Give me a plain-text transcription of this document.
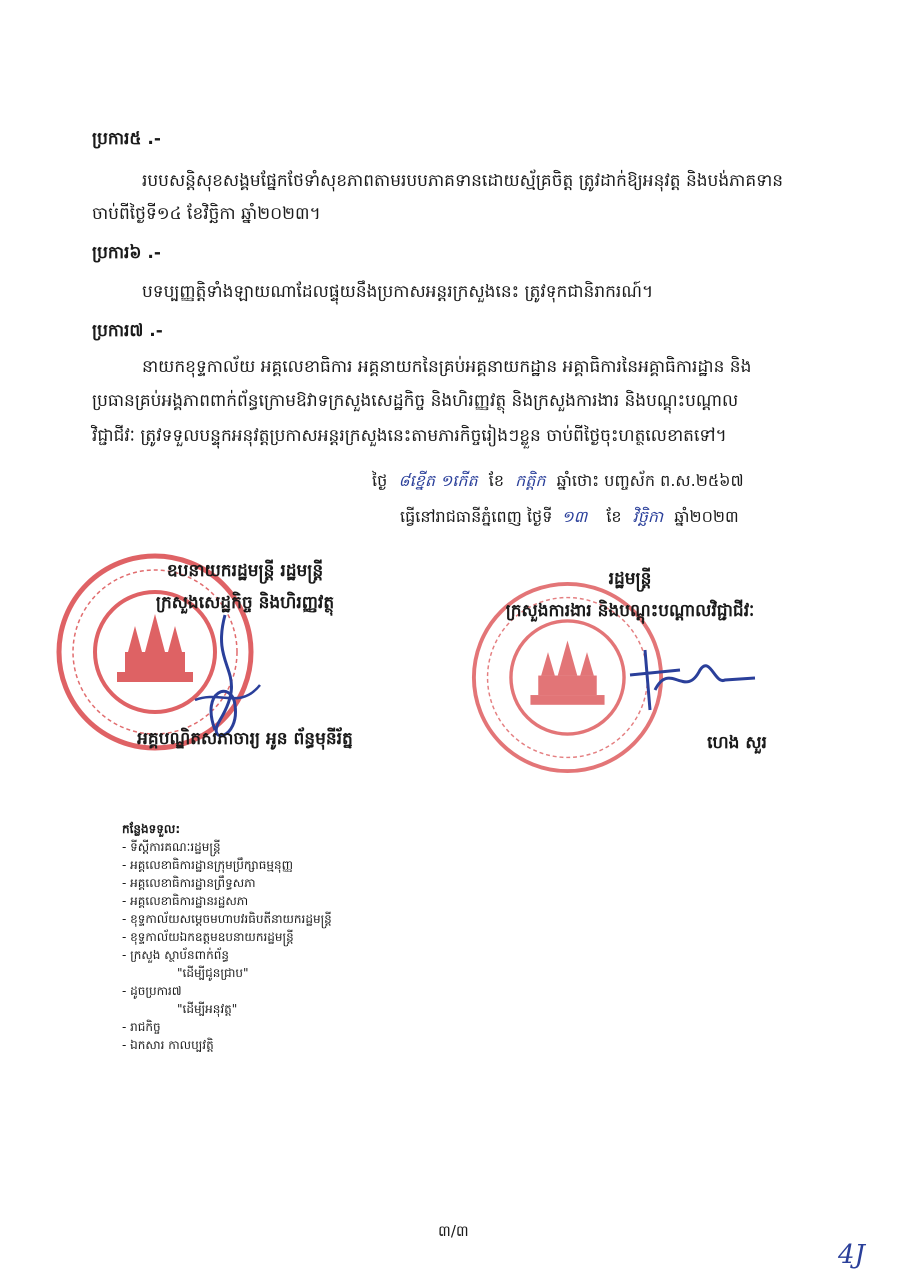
ប្រការ៥ .-
របបសន្តិសុខសង្គមផ្នែកថែទាំសុខភាពតាមរបបភាគទានដោយស្ម័គ្រចិត្ត ត្រូវដាក់ឱ្យអនុវត្ត និងបង់ភាគទាន
ចាប់ពីថ្ងៃទី១៤ ខែវិច្ឆិកា ឆ្នាំ២០២៣។
ប្រការ៦ .-
បទប្បញ្ញត្តិទាំងឡាយណាដែលផ្ទុយនឹងប្រកាសអន្តរក្រសួងនេះ ត្រូវទុកជានិរាករណ៍។
ប្រការ៧ .-
នាយកខុទ្ទកាល័យ អគ្គលេខាធិការ អគ្គនាយកនៃគ្រប់អគ្គនាយកដ្ឋាន អគ្គាធិការនៃអគ្គាធិការដ្ឋាន និង
ប្រធានគ្រប់អង្គភាពពាក់ព័ន្ធក្រោមឱវាទក្រសួងសេដ្ឋកិច្ច និងហិរញ្ញវត្ថុ និងក្រសួងការងារ និងបណ្តុះបណ្តាល
វិជ្ជាជីវៈ ត្រូវទទួលបន្ទុកអនុវត្តប្រកាសអន្តរក្រសួងនេះតាមភារកិច្ចរៀងៗខ្លួន ចាប់ពីថ្ងៃចុះហត្ថលេខាតទៅ។
ថ្ងៃ ៨ខ្នើត ១កើត ខែ កត្តិក ឆ្នាំថោះ បញ្ចស័ក ព.ស.២៥៦៧
ធ្វើនៅរាជធានីភ្នំពេញ ថ្ងៃទី ១៣ ខែ វិច្ឆិកា ឆ្នាំ២០២៣
ឧបនាយករដ្ឋមន្ត្រី រដ្ឋមន្ត្រី
ក្រសួងសេដ្ឋកិច្ច និងហិរញ្ញវត្ថុ
អគ្គបណ្ឌិតសភាចារ្យ អូន ព័ន្ធមុនីរ័ត្ន
រដ្ឋមន្ត្រី
ក្រសួងការងារ និងបណ្តុះបណ្តាលវិជ្ជាជីវៈ
ហេង សួរ
កន្លែងទទួល:
- ទីស្តីការគណៈរដ្ឋមន្ត្រី
- អគ្គលេខាធិការដ្ឋានក្រុមប្រឹក្សាធម្មនុញ្ញ
- អគ្គលេខាធិការដ្ឋានព្រឹទ្ធសភា
- អគ្គលេខាធិការដ្ឋានរដ្ឋសភា
- ខុទ្ទកាល័យសម្តេចមហាបវរធិបតីនាយករដ្ឋមន្ត្រី
- ខុទ្ទកាល័យឯកឧត្តមឧបនាយករដ្ឋមន្ត្រី
- ក្រសួង ស្ថាប័នពាក់ព័ន្ធ
"ដើម្បីជូនជ្រាប"
- ដូចប្រការ៧
"ដើម្បីអនុវត្ត"
- រាជកិច្ច
- ឯកសារ កាលប្បវត្តិ
៣/៣
4J
